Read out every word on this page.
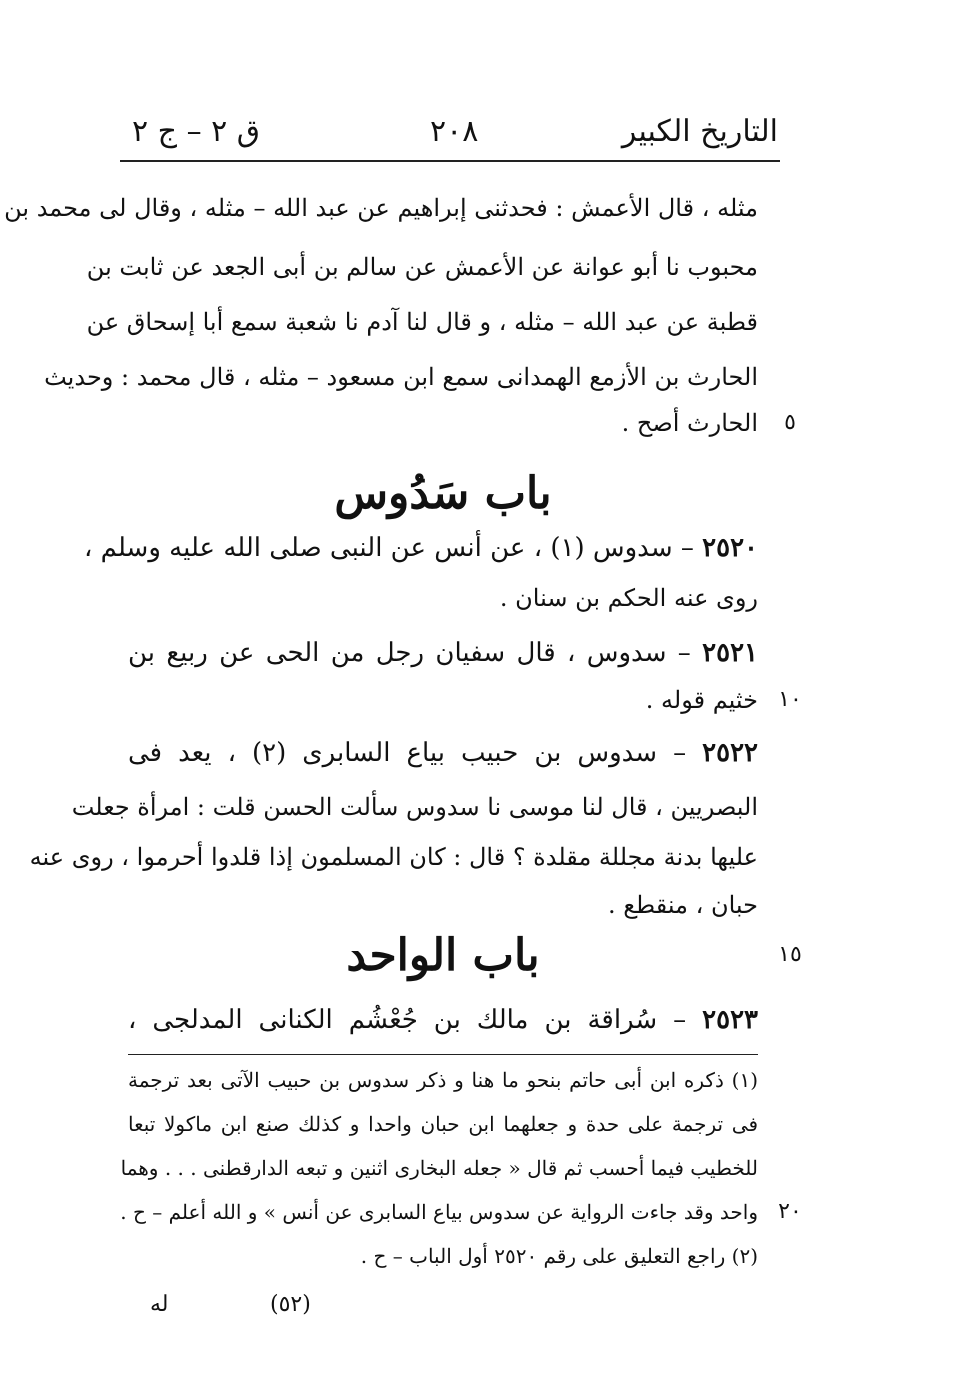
التاريخ الكبير
٢٠٨
ق ٢ – ج ٢
مثله ، قال الأعمش : فحدثنى إبراهيم عن عبد الله – مثله ، وقال لى محمد بن
محبوب نا أبو عوانة عن الأعمش عن سالم بن أبى الجعد عن ثابت بن
قطبة عن عبد الله – مثله ، و قال لنا آدم نا شعبة سمع أبا إسحاق عن
الحارث بن الأزمع الهمدانى سمع ابن مسعود – مثله ، قال محمد : وحديث
الحارث أصح .	٥
باب سَدُوس
٢٥٢٠ – سدوس (١) ، عن أنس عن النبى صلى الله عليه وسلم ،
روى عنه الحكم بن سنان .
٢٥٢١ – سدوس ، قال سفيان رجل من الحى عن ربيع بن
خثيم قوله . ١٠
٢٥٢٢ – سدوس بن حبيب بياع السابرى (٢) ، يعد فى
البصريين ، قال لنا موسى نا سدوس سألت الحسن قلت : امرأة جعلت
عليها بدنة مجللة مقلدة ؟ قال : كان المسلمون إذا قلدوا أحرموا ، روى عنه
حبان ، منقطع .
باب الواحد	١٥
٢٥٢٣ – سُراقة بن مالك بن جُعْشُم الكنانى المدلجى ،
(١) ذكره ابن أبى حاتم بنحو ما هنا و ذكر سدوس بن حبيب الآتى بعد ترجمة
فى ترجمة على حدة و جعلهما ابن حبان واحدا و كذلك صنع ابن ماكولا تبعا
للخطيب فيما أحسب ثم قال « جعله البخارى اثنين و تبعه الدارقطنى . . . وهما
واحد وقد جاءت الرواية عن سدوس بياع السابرى عن أنس » و الله أعلم – ح . ٢٠
(٢) راجع التعليق على رقم ٢٥٢٠ أول الباب – ح .
(٥٢)
له
